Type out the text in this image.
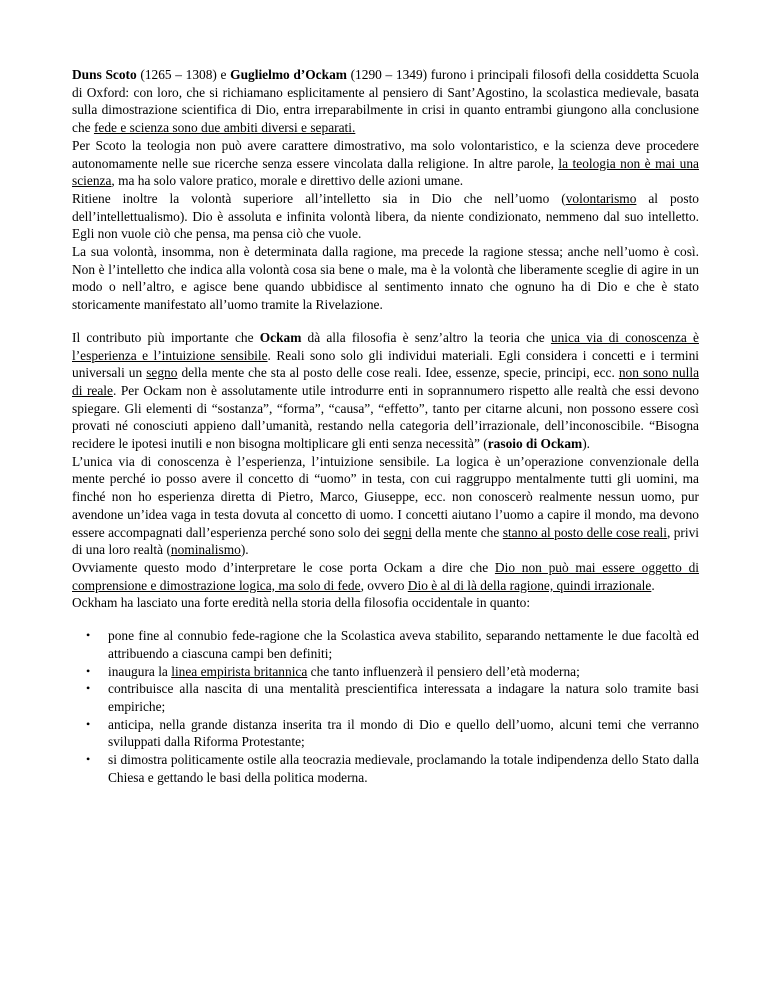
Duns Scoto (1265 – 1308) e Guglielmo d’Ockam (1290 – 1349) furono i principali filosofi della cosiddetta Scuola di Oxford: con loro, che si richiamano esplicitamente al pensiero di Sant’Agostino, la scolastica medievale, basata sulla dimostrazione scientifica di Dio, entra irreparabilmente in crisi in quanto entrambi giungono alla conclusione che fede e scienza sono due ambiti diversi e separati.

Per Scoto la teologia non può avere carattere dimostrativo, ma solo volontaristico, e la scienza deve procedere autonomamente nelle sue ricerche senza essere vincolata dalla religione. In altre parole, la teologia non è mai una scienza, ma ha solo valore pratico, morale e direttivo delle azioni umane.

Ritiene inoltre la volontà superiore all’intelletto sia in Dio che nell’uomo (volontarismo al posto dell’intellettualismo). Dio è assoluta e infinita volontà libera, da niente condizionato, nemmeno dal suo intelletto. Egli non vuole ciò che pensa, ma pensa ciò che vuole.

La sua volontà, insomma, non è determinata dalla ragione, ma precede la ragione stessa; anche nell’uomo è così. Non è l’intelletto che indica alla volontà cosa sia bene o male, ma è la volontà che liberamente sceglie di agire in un modo o nell’altro, e agisce bene quando ubbidisce al sentimento innato che ognuno ha di Dio e che è stato storicamente manifestato all’uomo tramite la Rivelazione.

Il contributo più importante che Ockam dà alla filosofia è senz’altro la teoria che unica via di conoscenza è l’esperienza e l’intuizione sensibile. Reali sono solo gli individui materiali. Egli considera i concetti e i termini universali un segno della mente che sta al posto delle cose reali. Idee, essenze, specie, principi, ecc. non sono nulla di reale. Per Ockam non è assolutamente utile introdurre enti in soprannumero rispetto alle realtà che essi devono spiegare. Gli elementi di “sostanza”, “forma”, “causa”, “effetto”, tanto per citarne alcuni, non possono essere così provati né conosciuti appieno dall’umanità, restando nella categoria dell’irrazionale, dell’inconoscibile. “Bisogna recidere le ipotesi inutili e non bisogna moltiplicare gli enti senza necessità” (rasoio di Ockam).

L’unica via di conoscenza è l’esperienza, l’intuizione sensibile. La logica è un’operazione convenzionale della mente perché io posso avere il concetto di “uomo” in testa, con cui raggruppo mentalmente tutti gli uomini, ma finché non ho esperienza diretta di Pietro, Marco, Giuseppe, ecc. non conoscerò realmente nessun uomo, pur avendone un’idea vaga in testa dovuta al concetto di uomo. I concetti aiutano l’uomo a capire il mondo, ma devono essere accompagnati dall’esperienza perché sono solo dei segni della mente che stanno al posto delle cose reali, privi di una loro realtà (nominalismo).

Ovviamente questo modo d’interpretare le cose porta Ockam a dire che Dio non può mai essere oggetto di comprensione e dimostrazione logica, ma solo di fede, ovvero Dio è al di là della ragione, quindi irrazionale.

Ockham ha lasciato una forte eredità nella storia della filosofia occidentale in quanto:

• pone fine al connubio fede-ragione che la Scolastica aveva stabilito, separando nettamente le due facoltà ed attribuendo a ciascuna campi ben definiti;
• inaugura la linea empirista britannica che tanto influenzerà il pensiero dell’età moderna;
• contribuisce alla nascita di una mentalità prescientifica interessata a indagare la natura solo tramite basi empiriche;
• anticipa, nella grande distanza inserita tra il mondo di Dio e quello dell’uomo, alcuni temi che verranno sviluppati dalla Riforma Protestante;
• si dimostra politicamente ostile alla teocrazia medievale, proclamando la totale indipendenza dello Stato dalla Chiesa e gettando le basi della politica moderna.
